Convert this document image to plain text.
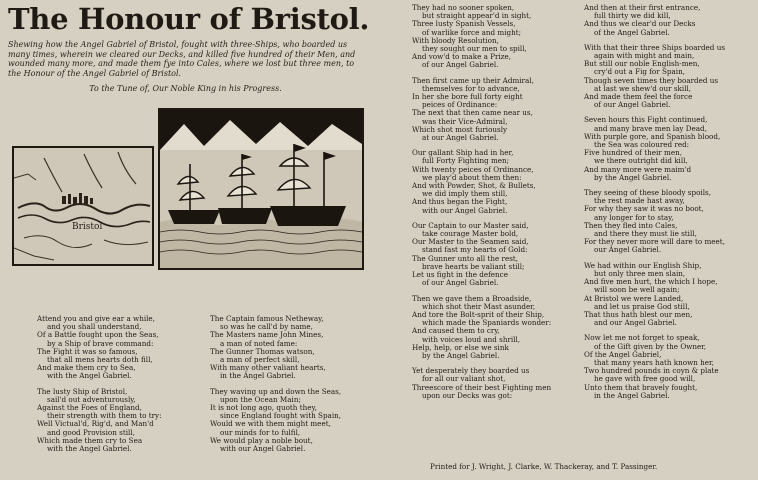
The Honour of Bristol.
Shewing how the Angel Gabriel of Bristol, fought with three-Ships, who boarded us many times, wherein we cleared our Decks, and killed five hundred of their Men, and wounded many more, and made them fye into Cales, where we lost but three men, to the Honour of the Angel Gabriel of Bristol.
To the Tune of, Our Noble King in his Progress.
Bristol
Attend you and give ear a while,
and you shall understand,
Of a Battle fought upon the Seas,
by a Ship of brave command:
The Fight it was so famous,
that all mens hearts doth fill,
And make them cry to Sea,
with the Angel Gabriel.
The lusty Ship of Bristol,
sail'd out adventurously,
Against the Foes of England,
their strength with them to try:
Well Victual'd, Rig'd, and Man'd
and good Provision still,
Which made them cry to Sea
with the Angel Gabriel.
The Captain famous Netheway,
so was he call'd by name,
The Masters name John Mines,
a man of noted fame:
The Gunner Thomas watson,
a man of perfect skill,
With many other valiant hearts,
in the Angel Gabriel.
They waving up and down the Seas,
upon the Ocean Main;
It is not long ago, quoth they,
since England fought with Spain,
Would we with them might meet,
our minds for to fulfil,
We would play a noble bout,
with our Angel Gabriel.
They had no sooner spoken,
but straight appear'd in sight,
Three lusty Spanish Vessels,
of warlike force and might;
With bloody Resolution,
they sought our men to spill,
And vow'd to make a Prize,
of our Angel Gabriel.
Then first came up their Admiral,
themselves for to advance,
In her she bore full forty eight
peices of Ordinance:
The next that then came near us,
was their Vice-Admiral,
Which shot most furiously
at our Angel Gabriel.
Our gallant Ship had in her,
full Forty Fighting men;
With twenty peices of Ordinance,
we play'd about them then:
And with Powder, Shot, & Bullets,
we did imply them still,
And thus began the Fight,
with our Angel Gabriel.
Our Captain to our Master said,
take courage Master bold,
Our Master to the Seamen said,
stand fast my hearts of Gold:
The Gunner unto all the rest,
brave hearts be valiant still;
Let us fight in the defence
of our Angel Gabriel.
Then we gave them a Broadside,
which shot their Mast asunder,
And tore the Bolt-sprit of their Ship,
which made the Spaniards wonder:
And caused them to cry,
with voices loud and shrill,
Help, help, or else we sink
by the Angel Gabriel.
Yet desperately they boarded us
for all our valiant shot,
Threescore of their best Fighting men
upon our Decks was got:
And then at their first entrance,
full thirty we did kill,
And thus we clear'd our Decks
of the Angel Gabriel.
With that their three Ships boarded us
again with might and main,
But still our noble English-men,
cry'd out a Fig for Spain,
Though seven times they boarded us
at last we shew'd our skill,
And made them feel the force
of our Angel Gabriel.
Seven hours this Fight continued,
and many brave men lay Dead,
With purple gore, and Spanish blood,
the Sea was coloured red:
Five hundred of their men,
we there outright did kill,
And many more were maim'd
by the Angel Gabriel.
They seeing of these bloody spoils,
the rest made hast away,
For why they saw it was no boot,
any longer for to stay,
Then they fled into Cales,
and there they must lie still,
For they never more will dare to meet,
our Angel Gabriel.
We had within our English Ship,
but only three men slain,
And five men hurt, the which I hope,
will soon be well again;
At Bristol we were Landed,
and let us praise God still,
That thus hath blest our men,
and our Angel Gabriel.
Now let me not forget to speak,
of the Gift given by the Owner,
Of the Angel Gabriel,
that many years hath known her,
Two hundred pounds in coyn & plate
he gave with free good will,
Unto them that bravely fought,
in the Angel Gabriel.
Printed for J. Wright, J. Clarke, W. Thackeray, and T. Passinger.
